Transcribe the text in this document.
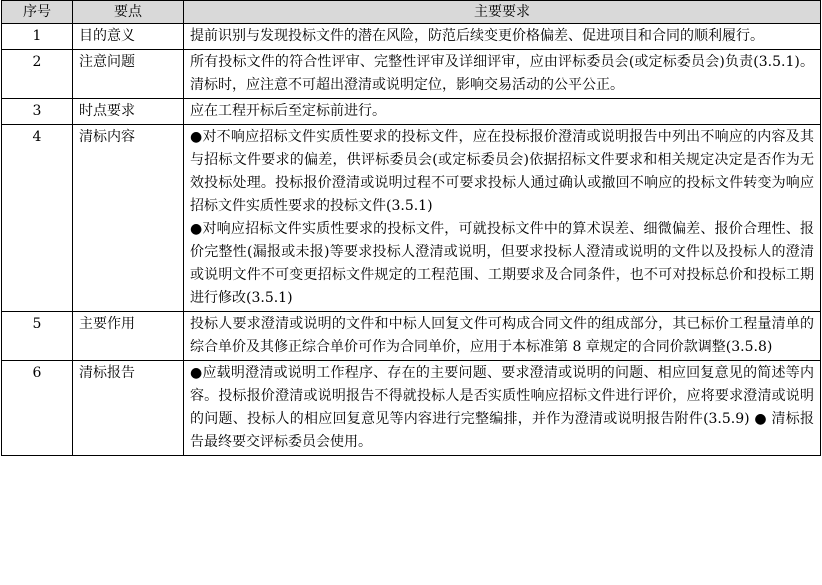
序号	要点	主要要求
1	目的意义	提前识别与发现投标文件的潜在风险，防范后续变更价格偏差、促进项目和合同的顺利履行。

2	注意问题	所有投标文件的符合性评审、完整性评审及详细评审，应由评标委员会(或定标委员会)负责(3.5.1)。清标时，应注意不可超出澄清或说明定位，影响交易活动的公平公正。

3	时点要求	应在工程开标后至定标前进行。

4	清标内容	●对不响应招标文件实质性要求的投标文件，应在投标报价澄清或说明报告中列出不响应的内容及其与招标文件要求的偏差，供评标委员会(或定标委员会)依据招标文件要求和相关规定决定是否作为无效投标处理。投标报价澄清或说明过程不可要求投标人通过确认或撤回不响应的投标文件转变为响应招标文件实质性要求的投标文件(3.5.1)
●对响应招标文件实质性要求的投标文件，可就投标文件中的算术误差、细微偏差、报价合理性、报价完整性(漏报或未报)等要求投标人澄清或说明，但要求投标人澄清或说明的文件以及投标人的澄清或说明文件不可变更招标文件规定的工程范围、工期要求及合同条件，也不可对投标总价和投标工期进行修改(3.5.1)

5	主要作用	投标人要求澄清或说明的文件和中标人回复文件可构成合同文件的组成部分，其已标价工程量清单的综合单价及其修正综合单价可作为合同单价，应用于本标准第 8 章规定的合同价款调整(3.5.8)

6	清标报告	●应载明澄清或说明工作程序、存在的主要问题、要求澄清或说明的问题、相应回复意见的简述等内容。投标报价澄清或说明报告不得就投标人是否实质性响应招标文件进行评价，应将要求澄清或说明的问题、投标人的相应回复意见等内容进行完整编排，并作为澄清或说明报告附件(3.5.9) ● 清标报告最终要交评标委员会使用。
